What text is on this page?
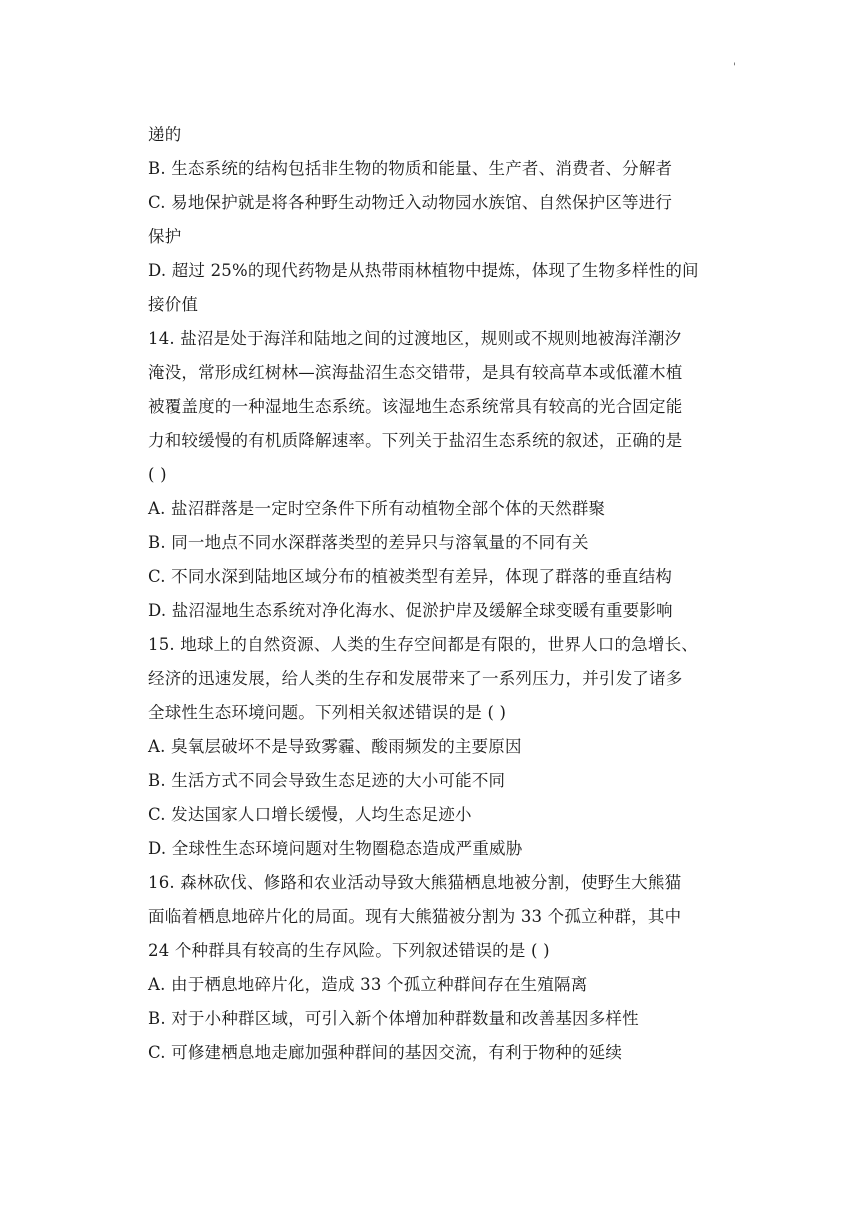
'
递的
B. 生态系统的结构包括非生物的物质和能量、生产者、消费者、分解者
C. 易地保护就是将各种野生动物迁入动物园水族馆、自然保护区等进行
保护
D. 超过 25%的现代药物是从热带雨林植物中提炼，体现了生物多样性的间
接价值
14. 盐沼是处于海洋和陆地之间的过渡地区，规则或不规则地被海洋潮汐
淹没，常形成红树林—滨海盐沼生态交错带，是具有较高草本或低灌木植
被覆盖度的一种湿地生态系统。该湿地生态系统常具有较高的光合固定能
力和较缓慢的有机质降解速率。下列关于盐沼生态系统的叙述，正确的是
( )
A. 盐沼群落是一定时空条件下所有动植物全部个体的天然群聚
B. 同一地点不同水深群落类型的差异只与溶氧量的不同有关
C. 不同水深到陆地区域分布的植被类型有差异，体现了群落的垂直结构
D. 盐沼湿地生态系统对净化海水、促淤护岸及缓解全球变暖有重要影响
15. 地球上的自然资源、人类的生存空间都是有限的，世界人口的急增长、
经济的迅速发展，给人类的生存和发展带来了一系列压力，并引发了诸多
全球性生态环境问题。下列相关叙述错误的是 ( )
A. 臭氧层破坏不是导致雾霾、酸雨频发的主要原因
B. 生活方式不同会导致生态足迹的大小可能不同
C. 发达国家人口增长缓慢，人均生态足迹小
D. 全球性生态环境问题对生物圈稳态造成严重威胁
16. 森林砍伐、修路和农业活动导致大熊猫栖息地被分割，使野生大熊猫
面临着栖息地碎片化的局面。现有大熊猫被分割为 33 个孤立种群，其中
24 个种群具有较高的生存风险。下列叙述错误的是 ( )
A. 由于栖息地碎片化，造成 33 个孤立种群间存在生殖隔离
B. 对于小种群区域，可引入新个体增加种群数量和改善基因多样性
C. 可修建栖息地走廊加强种群间的基因交流，有利于物种的延续
